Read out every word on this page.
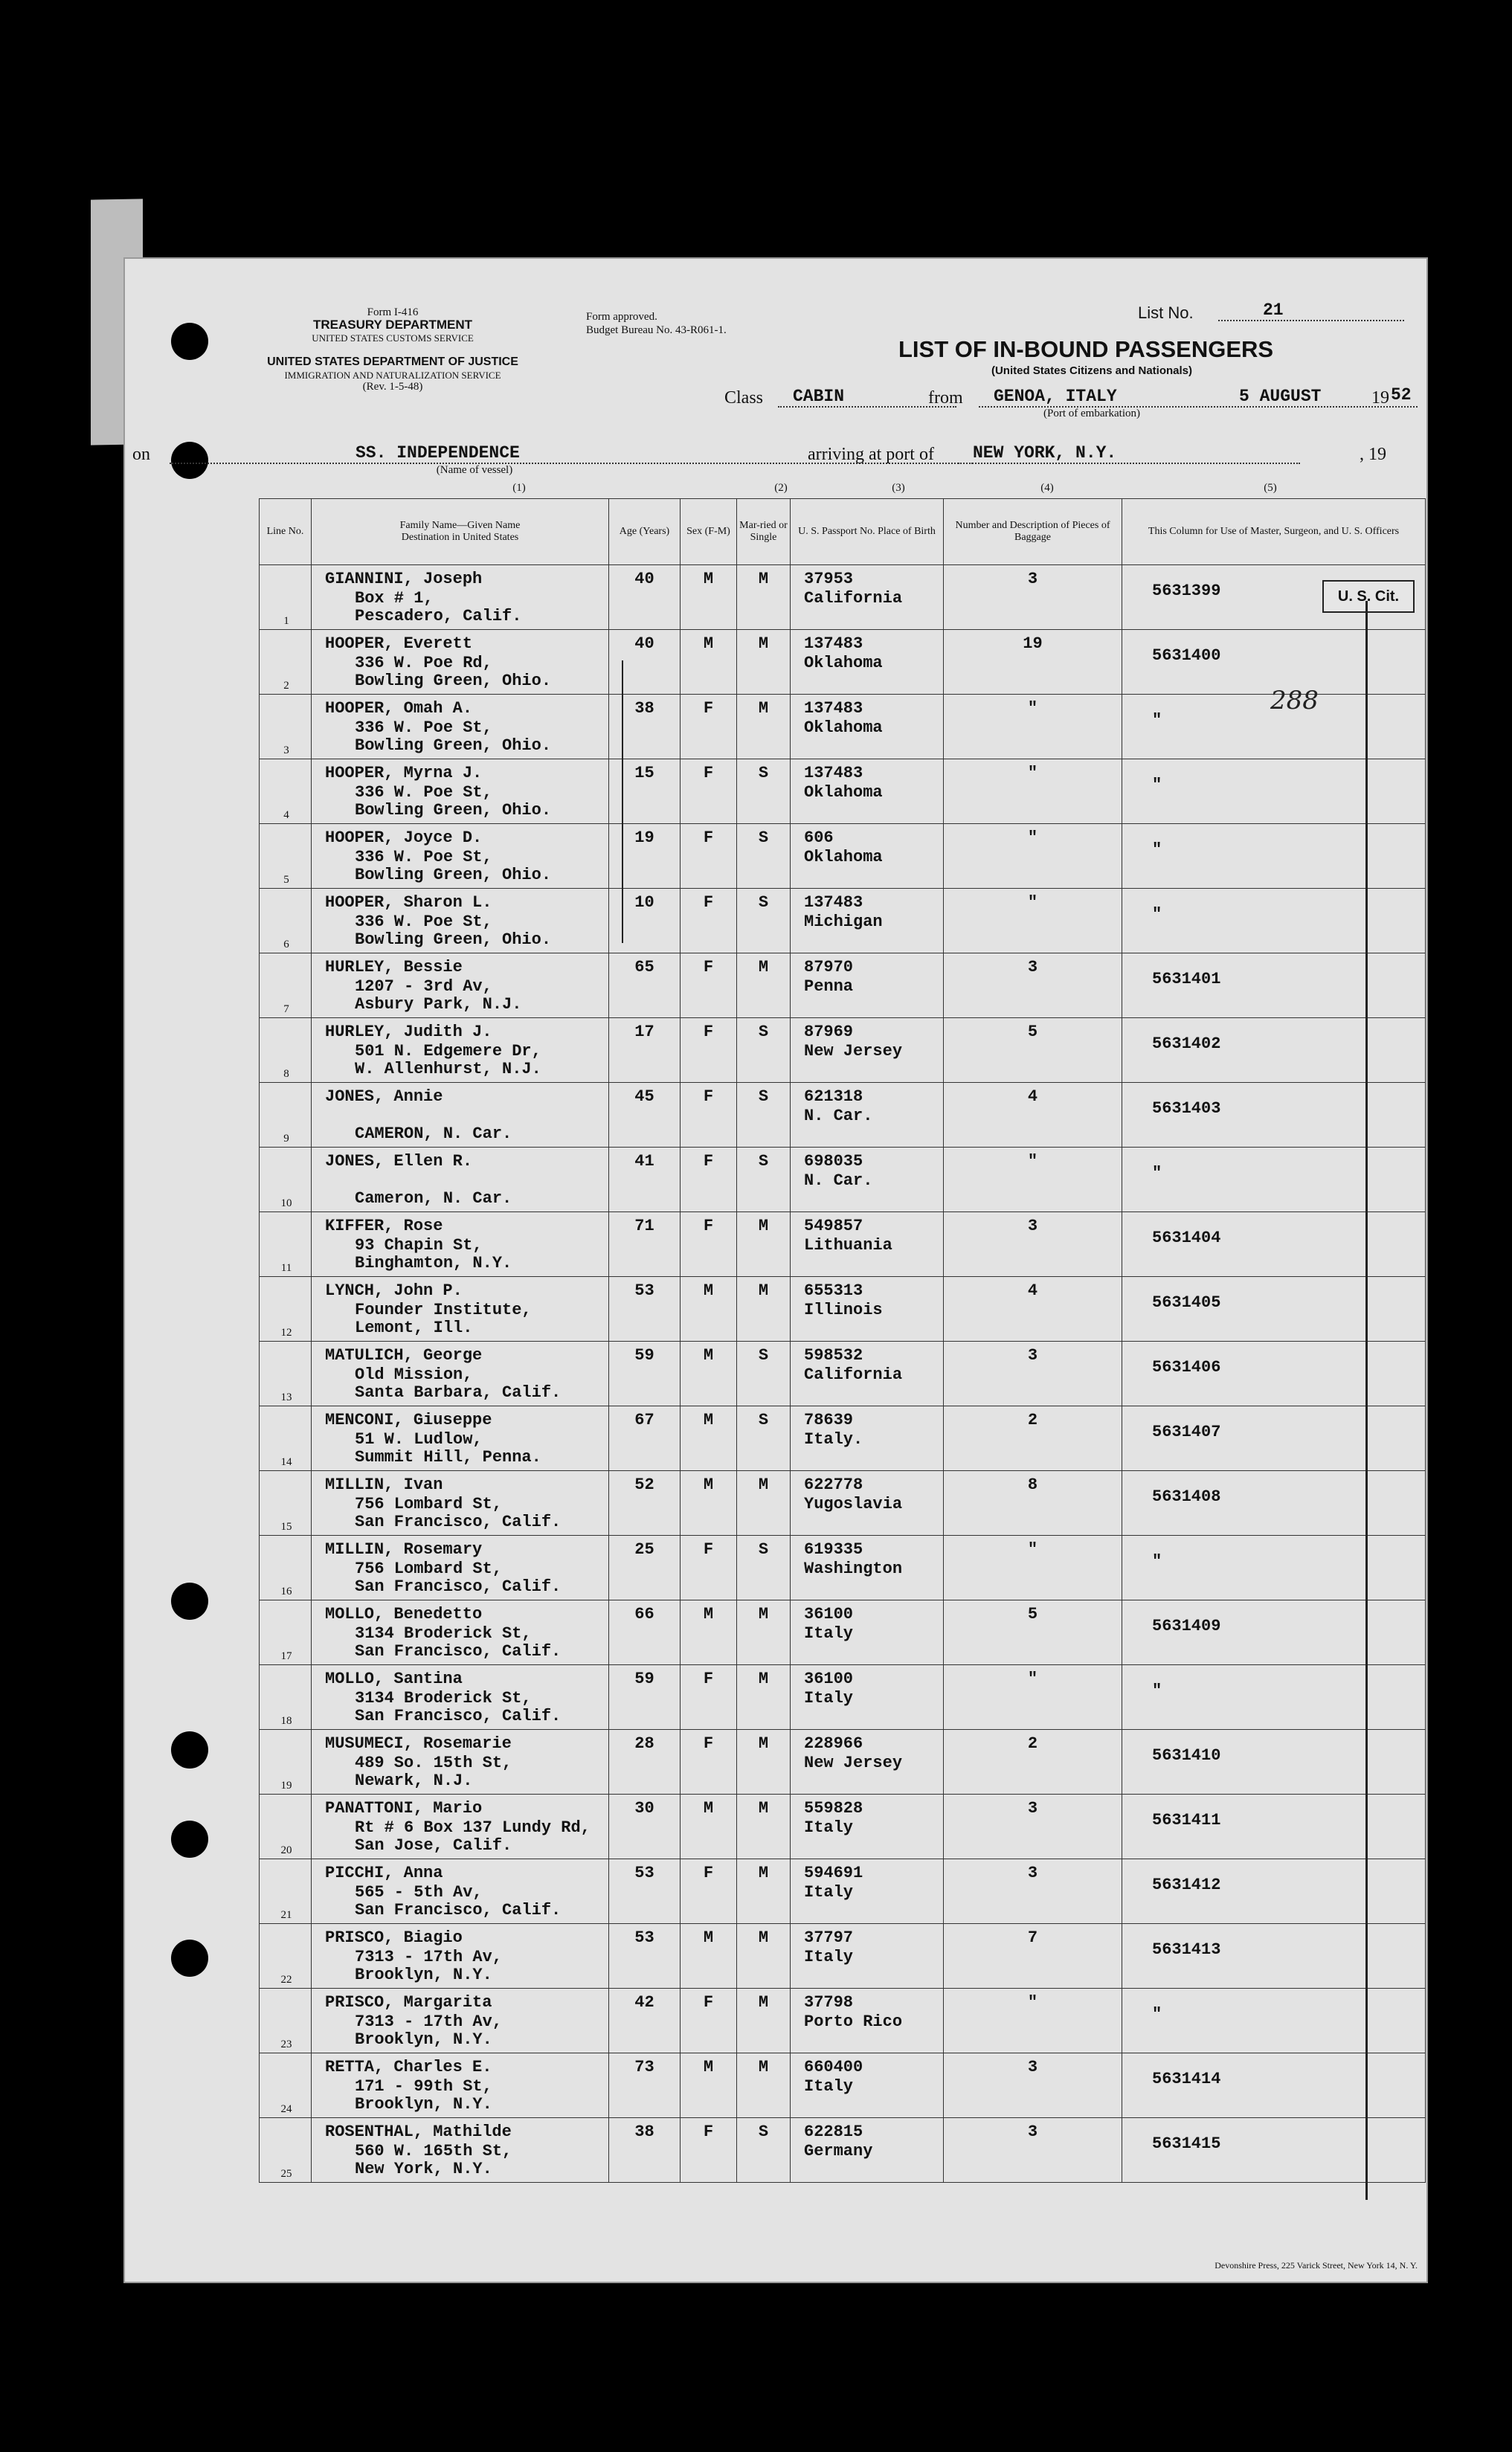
Form I-416
TREASURY DEPARTMENT
UNITED STATES CUSTOMS SERVICE
UNITED STATES DEPARTMENT OF JUSTICE
IMMIGRATION AND NATURALIZATION SERVICE
(Rev. 1-5-48)
Form approved.
Budget Bureau No. 43-R061-1.
List No.	21
LIST OF IN-BOUND PASSENGERS
(United States Citizens and Nationals)
Class	CABIN	from	GENOA, ITALY
(Port of embarkation)
5 AUGUST	19 52
on	SS. INDEPENDENCE
(Name of vessel)
arriving at port of	NEW YORK, N.Y.	, 19
(1)	(2)	(3)	(4)	(5)
Line No.	Family Name—Given Name
Destination in United States	Age (Years)	Sex (F-M)	Mar-ried or Single	U. S. Passport No. Place of Birth	Number and Description of Pieces of Baggage	This Column for Use of Master, Surgeon, and U. S. Officers

1	GIANNINI, Joseph
Box # 1,
Pescadero, Calif.	40	M	M	37953
California	3	5631399

2	HOOPER, Everett
336 W. Poe Rd,
Bowling Green, Ohio.	40	M	M	137483
Oklahoma	19	5631400

3	HOOPER, Omah A.
336 W. Poe St,
Bowling Green, Ohio.	38	F	M	137483
Oklahoma	"	"

4	HOOPER, Myrna J.
336 W. Poe St,
Bowling Green, Ohio.	15	F	S	137483
Oklahoma	"	"

5	HOOPER, Joyce D.
336 W. Poe St,
Bowling Green, Ohio.	19	F	S	606
Oklahoma	"	"

6	HOOPER, Sharon L.
336 W. Poe St,
Bowling Green, Ohio.	10	F	S	137483
Michigan	"	"

7	HURLEY, Bessie
1207 - 3rd Av,
Asbury Park, N.J.	65	F	M	87970
Penna	3	5631401

8	HURLEY, Judith J.
501 N. Edgemere Dr,
W. Allenhurst, N.J.	17	F	S	87969
New Jersey	5	5631402

9	JONES, Annie
CAMERON, N. Car.	45	F	S	621318
N. Car.	4	5631403

10	JONES, Ellen R.
Cameron, N. Car.	41	F	S	698035
N. Car.	"	"

11	KIFFER, Rose
93 Chapin St,
Binghamton, N.Y.	71	F	M	549857
Lithuania	3	5631404

12	LYNCH, John P.
Founder Institute,
Lemont, Ill.	53	M	M	655313
Illinois	4	5631405

13	MATULICH, George
Old Mission,
Santa Barbara, Calif.	59	M	S	598532
California	3	5631406

14	MENCONI, Giuseppe
51 W. Ludlow,
Summit Hill, Penna.	67	M	S	78639
Italy.	2	5631407

15	MILLIN, Ivan
756 Lombard St,
San Francisco, Calif.	52	M	M	622778
Yugoslavia	8	5631408

16	MILLIN, Rosemary
756 Lombard St,
San Francisco, Calif.	25	F	S	619335
Washington	"	"

17	MOLLO, Benedetto
3134 Broderick St,
San Francisco, Calif.	66	M	M	36100
Italy	5	5631409

18	MOLLO, Santina
3134 Broderick St,
San Francisco, Calif.	59	F	M	36100
Italy	"	"

19	MUSUMECI, Rosemarie
489 So. 15th St,
Newark, N.J.	28	F	M	228966
New Jersey	2	5631410

20	PANATTONI, Mario
Rt # 6 Box 137 Lundy Rd,
San Jose, Calif.	30	M	M	559828
Italy	3	5631411

21	PICCHI, Anna
565 - 5th Av,
San Francisco, Calif.	53	F	M	594691
Italy	3	5631412

22	PRISCO, Biagio
7313 - 17th Av,
Brooklyn, N.Y.	53	M	M	37797
Italy	7	5631413

23	PRISCO, Margarita
7313 - 17th Av,
Brooklyn, N.Y.	42	F	M	37798
Porto Rico	"	"

24	RETTA, Charles E.
171 - 99th St,
Brooklyn, N.Y.	73	M	M	660400
Italy	3	5631414

25	ROSENTHAL, Mathilde
560 W. 165th St,
New York, N.Y.	38	F	S	622815
Germany	3	5631415
U. S. Cit.
288
Devonshire Press, 225 Varick Street, New York 14, N. Y.
